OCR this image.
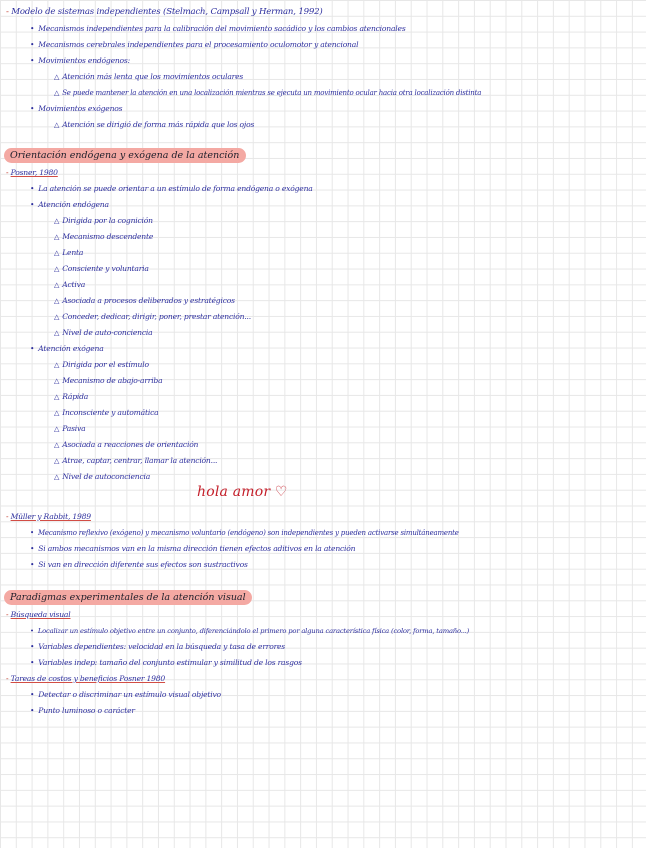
- Modelo de sistemas independientes (Stelmach, Campsall y Herman, 1992)
• Mecanismos independientes para la calibración del movimiento sacádico y los cambios atencionales
• Mecanismos cerebrales independientes para el procesamiento oculomotor y atencional
• Movimientos endógenos:
△ Atención más lenta que los movimientos oculares
△ Se puede mantener la atención en una localización mientras se ejecuta un movimiento ocular hacia otra localización distinta
• Movimientos exógenos
△ Atención se dirigió de forma más rápida que los ojos
Orientación endógena y exógena de la atención
- Posner, 1980
• La atención se puede orientar a un estímulo de forma endógena o exógena
• Atención endógena
△ Dirigida por la cognición
△ Mecanismo descendente
△ Lenta
△ Consciente y voluntaria
△ Activa
△ Asociada a procesos deliberados y estratégicos
△ Conceder, dedicar, dirigir, poner, prestar atención...
△ Nivel de auto-conciencia
• Atención exógena
△ Dirigida por el estímulo
△ Mecanismo de abajo-arriba
△ Rápida
△ Inconsciente y automática
△ Pasiva
△ Asociada a reacciones de orientación
△ Atrae, captar, centrar, llamar la atención...
△ Nivel de autoconciencia
hola amor ♡
- Müller y Rabbit, 1989
• Mecanismo reflexivo (exógeno) y mecanismo voluntario (endógeno) son independientes y pueden activarse simultáneamente
• Si ambos mecanismos van en la misma dirección tienen efectos aditivos en la atención
• Si van en dirección diferente sus efectos son sustractivos
Paradigmas experimentales de la atención visual
- Búsqueda visual
• Localizar un estímulo objetivo entre un conjunto, diferenciándolo el primero por alguna característica física (color, forma, tamaño...)
• Variables dependientes: velocidad en la búsqueda y tasa de errores
• Variables indep: tamaño del conjunto estimular y similitud de los rasgos
- Tareas de costos y beneficios Posner 1980
• Detectar o discriminar un estímulo visual objetivo
• Punto luminoso o carácter
